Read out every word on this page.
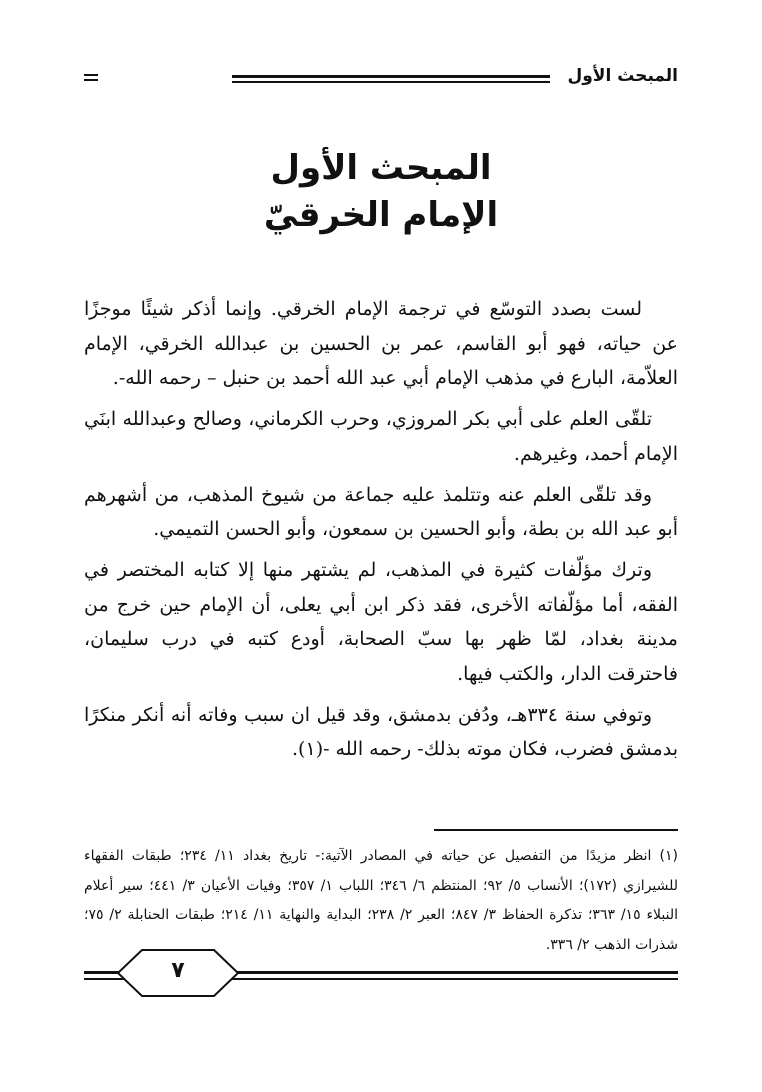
المبحث الأول
المبحث الأول
الإمام الخرقيّ

لست بصدد التوسّع في ترجمة الإمام الخرقي. وإنما أذكر شيئًا موجزًا عن حياته، فهو أبو القاسم، عمر بن الحسين بن عبدالله الخرقي، الإمام العلاّمة، البارع في مذهب الإمام أبي عبد الله أحمد بن حنبل – رحمه الله-.

تلقّى العلم على أبي بكر المروزي، وحرب الكرماني، وصالح وعبدالله ابنَي الإمام أحمد، وغيرهم.

وقد تلقّى العلم عنه وتتلمذ عليه جماعة من شيوخ المذهب، من أشهرهم أبو عبد الله بن بطة، وأبو الحسين بن سمعون، وأبو الحسن التميمي.

وترك مؤلّفات كثيرة في المذهب، لم يشتهر منها إلا كتابه المختصر في الفقه، أما مؤلّفاته الأخرى، فقد ذكر ابن أبي يعلى، أن الإمام حين خرج من مدينة بغداد، لمّا ظهر بها سبّ الصحابة، أودع كتبه في درب سليمان، فاحترقت الدار، والكتب فيها.

وتوفي سنة ٣٣٤هـ، ودُفن بدمشق، وقد قيل ان سبب وفاته أنه أنكر منكرًا بدمشق فضرب، فكان موته بذلك- رحمه الله -(١).

(١) انظر مزيدًا من التفصيل عن حياته في المصادر الآتية:- تاريخ بغداد ١١/ ٢٣٤؛ طبقات الفقهاء للشيرازي (١٧٢)؛ الأنساب ٥/ ٩٢؛ المنتظم ٦/ ٣٤٦؛ اللباب ١/ ٣٥٧؛ وفيات الأعيان ٣/ ٤٤١؛ سير أعلام النبلاء ١٥/ ٣٦٣؛ تذكرة الحفاظ ٣/ ٨٤٧؛ العبر ٢/ ٢٣٨؛ البداية والنهاية ١١/ ٢١٤؛ طبقات الحنابلة ٢/ ٧٥؛ شذرات الذهب ٢/ ٣٣٦.
٧
